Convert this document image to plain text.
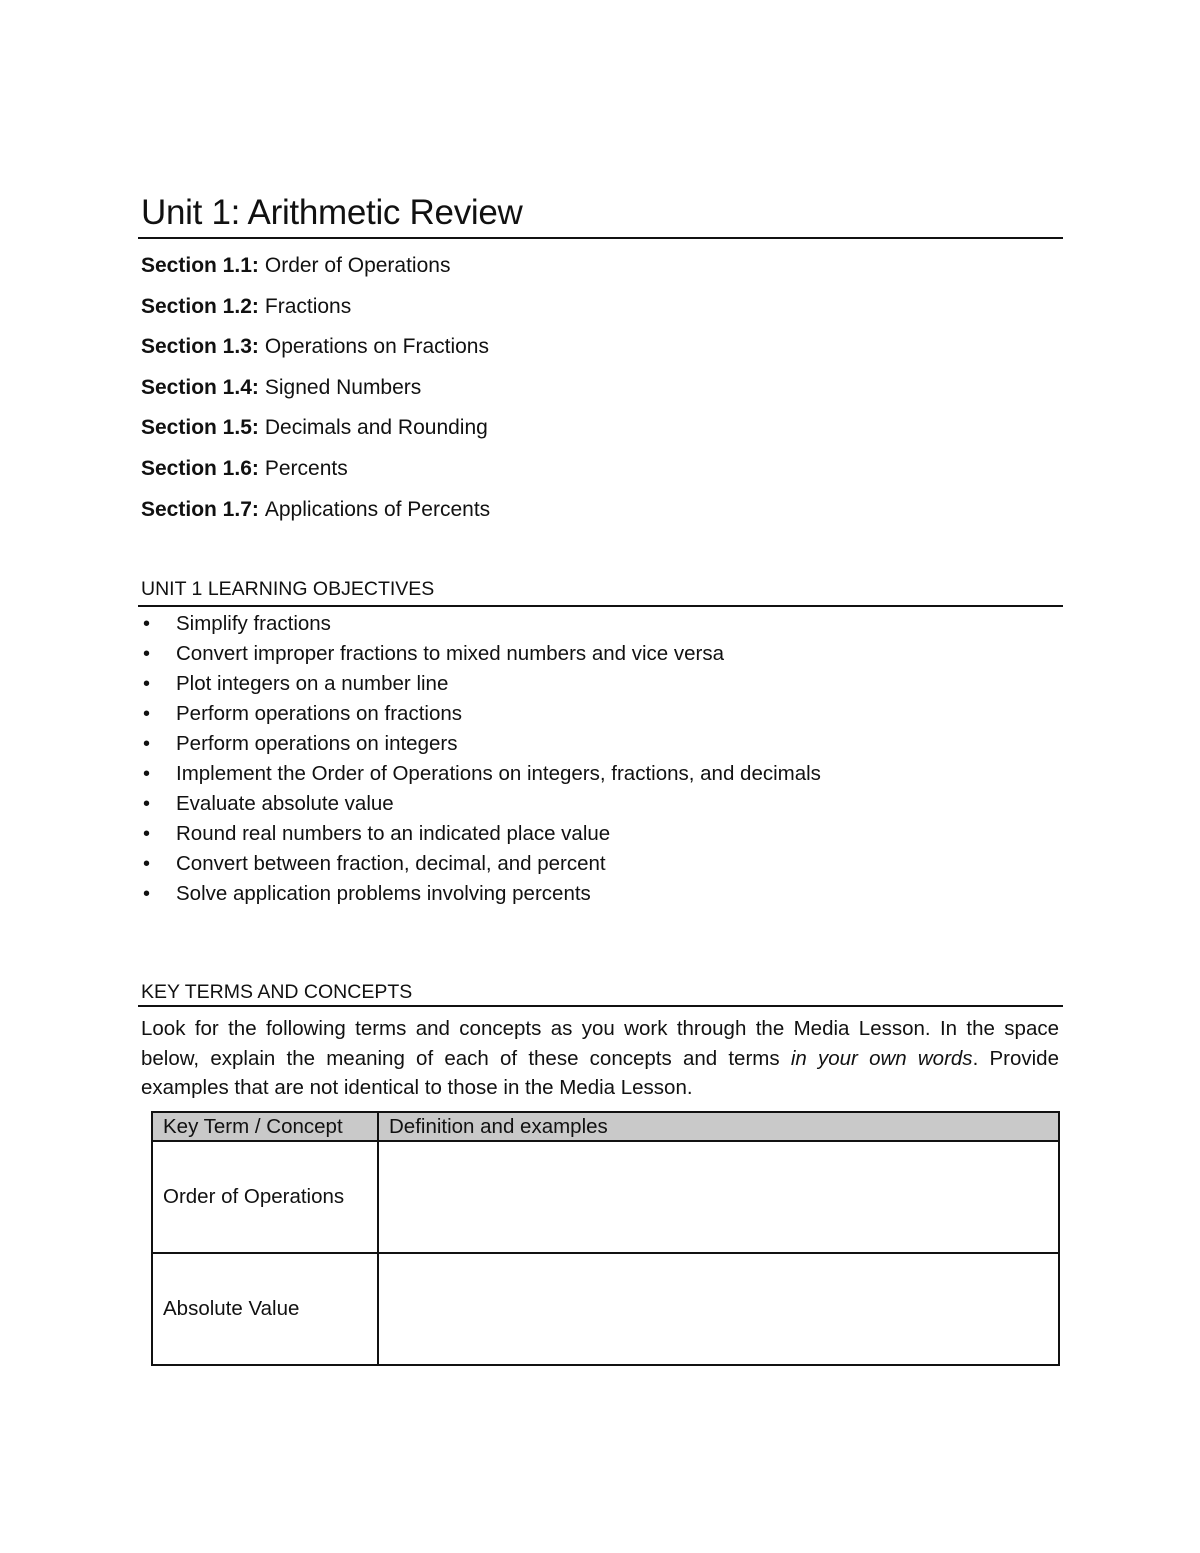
Unit 1: Arithmetic Review
Section 1.1: Order of Operations
Section 1.2: Fractions
Section 1.3: Operations on Fractions
Section 1.4: Signed Numbers
Section 1.5: Decimals and Rounding
Section 1.6: Percents
Section 1.7: Applications of Percents
UNIT 1 LEARNING OBJECTIVES
• Simplify fractions
• Convert improper fractions to mixed numbers and vice versa
• Plot integers on a number line
• Perform operations on fractions
• Perform operations on integers
• Implement the Order of Operations on integers, fractions, and decimals
• Evaluate absolute value
• Round real numbers to an indicated place value
• Convert between fraction, decimal, and percent
• Solve application problems involving percents
KEY TERMS AND CONCEPTS

Look for the following terms and concepts as you work through the Media Lesson. In the space below, explain the meaning of each of these concepts and terms in your own words. Provide examples that are not identical to those in the Media Lesson.

Key Term / Concept	Definition and examples
Order of Operations	
Absolute Value	
